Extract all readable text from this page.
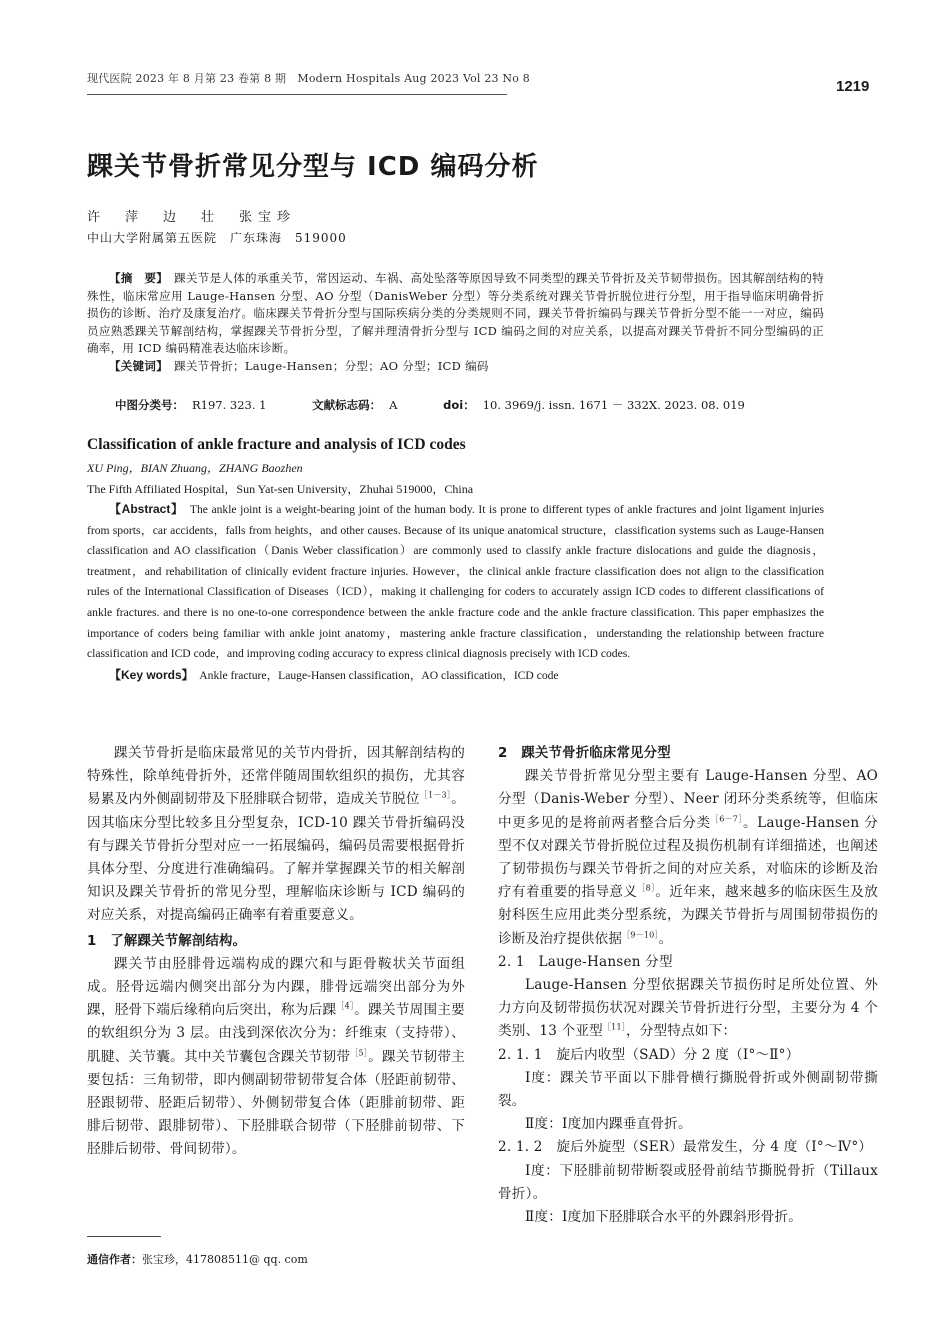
现代医院 2023 年 8 月第 23 卷第 8 期　Modern Hospitals Aug 2023 Vol 23 No 8	1219
踝关节骨折常见分型与 ICD 编码分析
许　萍　边　壮　张宝珍
中山大学附属第五医院　广东珠海　519000

【摘　要】　 踝关节是人体的承重关节，常因运动、车祸、高处坠落等原因导致不同类型的踝关节骨折及关节韧带损伤。因其解剖结构的特殊性，临床常应用 Lauge-Hansen 分型、AO 分型（DanisWeber 分型）等分类系统对踝关节骨折脱位进行分型，用于指导临床明确骨折损伤的诊断、治疗及康复治疗。临床踝关节骨折分型与国际疾病分类的分类规则不同，踝关节骨折编码与踝关节骨折分型不能一一对应，编码员应熟悉踝关节解剖结构，掌握踝关节骨折分型，了解并理清骨折分型与 ICD 编码之间的对应关系，以提高对踝关节骨折不同分型编码的正确率，用 ICD 编码精准表达临床诊断。

【关键词】　 踝关节骨折；Lauge-Hansen；分型；AO 分型；ICD 编码

中图分类号： R197. 323. 1	文献标志码： A	doi： 10. 3969/j. issn. 1671 － 332X. 2023. 08. 019
Classification of ankle fracture and analysis of ICD codes
XU Ping，BIAN Zhuang，ZHANG Baozhen
The Fifth Affiliated Hospital，Sun Yat-sen University，Zhuhai 519000，China

【Abstract】　 The ankle joint is a weight-bearing joint of the human body. It is prone to different types of ankle fractures and joint ligament injuries from sports，car accidents，falls from heights，and other causes. Because of its unique anatomical structure，classification systems such as Lauge-Hansen classification and AO classification（Danis Weber classification）are commonly used to classify ankle fracture dislocations and guide the diagnosis，treatment，and rehabilitation of clinically evident fracture injuries. However，the clinical ankle fracture classification does not align to the classification rules of the International Classification of Diseases（ICD），making it challenging for coders to accurately assign ICD codes to different classifications of ankle fractures. and there is no one-to-one correspondence between the ankle fracture code and the ankle fracture classification. This paper emphasizes the importance of coders being familiar with ankle joint anatomy，mastering ankle fracture classification，understanding the relationship between fracture classification and ICD code，and improving coding accuracy to express clinical diagnosis precisely with ICD codes.

【Key words】　 Ankle fracture，Lauge-Hansen classification，AO classification，ICD code

踝关节骨折是临床最常见的关节内骨折，因其解剖结构的特殊性，除单纯骨折外，还常伴随周围软组织的损伤，尤其容易累及内外侧副韧带及下胫腓联合韧带，造成关节脱位$^{[1-3]}$。因其临床分型比较多且分型复杂，ICD-10 踝关节骨折编码没有与踝关节骨折分型对应一一拓展编码，编码员需要根据骨折具体分型、分度进行准确编码。了解并掌握踝关节的相关解剖知识及踝关节骨折的常见分型，理解临床诊断与 ICD 编码的对应关系，对提高编码正确率有着重要意义。

1　 了解踝关节解剖结构。

踝关节由胫腓骨远端构成的踝穴和与距骨鞍状关节面组成。胫骨远端内侧突出部分为内踝，腓骨远端突出部分为外踝，胫骨下端后缘稍向后突出，称为后踝$^{[4]}$。踝关节周围主要的软组织分为 3 层。由浅到深依次分为：纤维束（支持带）、肌腱、关节囊。其中关节囊包含踝关节韧带$^{[5]}$。踝关节韧带主要包括：三角韧带，即内侧副韧带韧带复合体（胫距前韧带、胫跟韧带、胫距后韧带）、外侧韧带复合体（距腓前韧带、距腓后韧带、跟腓韧带）、下胫腓联合韧带（下胫腓前韧带、下胫腓后韧带、骨间韧带）。

2　 踝关节骨折临床常见分型

踝关节骨折常见分型主要有 Lauge-Hansen 分型、AO 分型（Danis-Weber 分型）、Neer 闭环分类系统等，但临床中更多见的是将前两者整合后分类$^{[6-7]}$。Lauge-Hansen 分型不仅对踝关节骨折脱位过程及损伤机制有详细描述，也阐述了韧带损伤与踝关节骨折之间的对应关系，对临床的诊断及治疗有着重要的指导意义$^{[8]}$。近年来，越来越多的临床医生及放射科医生应用此类分型系统，为踝关节骨折与周围韧带损伤的诊断及治疗提供依据$^{[9-10]}$。

2. 1　Lauge-Hansen 分型

Lauge-Hansen 分型依据踝关节损伤时足所处位置、外力方向及韧带损伤状况对踝关节骨折进行分型，主要分为 4 个类别、13 个亚型$^{[11]}$，分型特点如下：

2. 1. 1　旋后内收型（SAD）分 2 度（Ⅰ°～Ⅱ°）

Ⅰ度：踝关节平面以下腓骨横行撕脱骨折或外侧副韧带撕裂。

Ⅱ度：Ⅰ度加内踝垂直骨折。

2. 1. 2　旋后外旋型（SER）最常发生，分 4 度（Ⅰ°～Ⅳ°）

Ⅰ度：下胫腓前韧带断裂或胫骨前结节撕脱骨折（Tillaux 骨折）。

Ⅱ度：Ⅰ度加下胫腓联合水平的外踝斜形骨折。

通信作者：张宝珍，417808511@ qq. com
